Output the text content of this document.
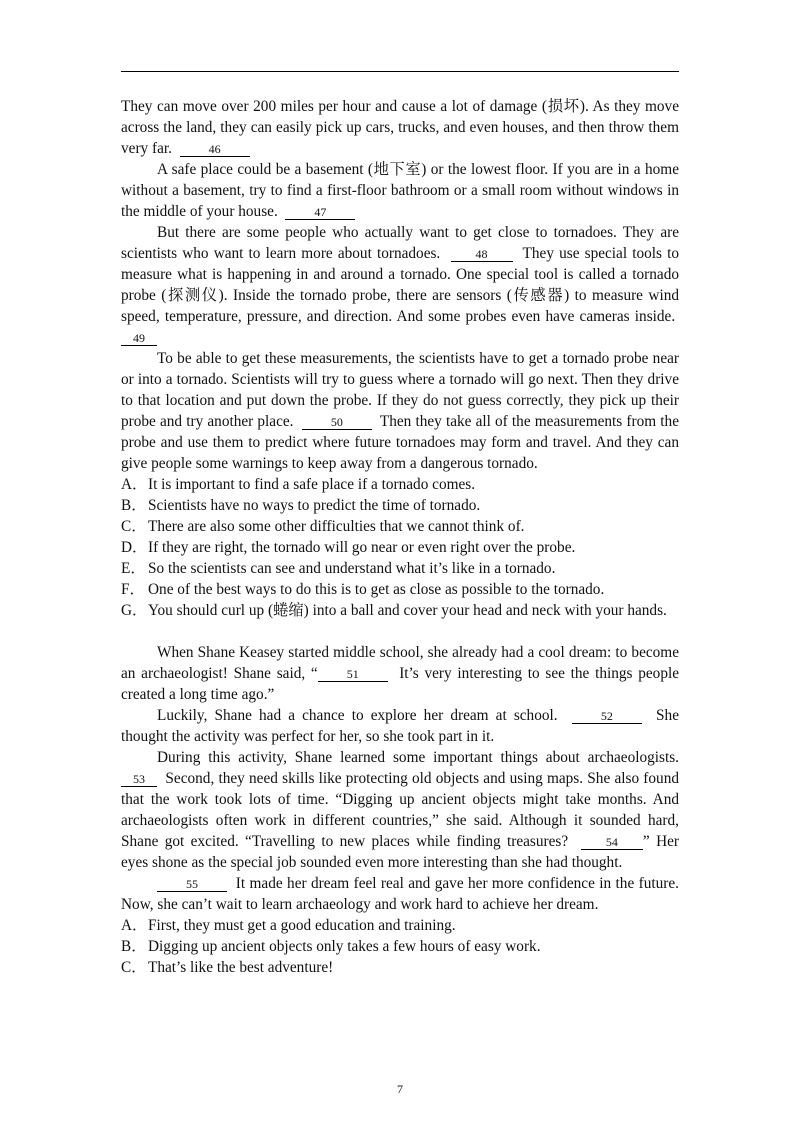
They can move over 200 miles per hour and cause a lot of damage (损坏). As they move across the land, they can easily pick up cars, trucks, and even houses, and then throw them very far.	46

A safe place could be a basement (地下室) or the lowest floor. If you are in a home without a basement, try to find a first-floor bathroom or a small room without windows in the middle of your house.	47

But there are some people who actually want to get close to tornadoes. They are scientists who want to learn more about tornadoes.	48 They use special tools to measure what is happening in and around a tornado. One special tool is called a tornado probe (探测仪). Inside the tornado probe, there are sensors (传感器) to measure wind speed, temperature, pressure, and direction. And some probes even have cameras inside.  49

To be able to get these measurements, the scientists have to get a tornado probe near or into a tornado. Scientists will try to guess where a tornado will go next. Then they drive to that location and put down the probe. If they do not guess correctly, they pick up their probe and try another place.	50 Then they take all of the measurements from the probe and use them to predict where future tornadoes may form and travel. And they can give people some warnings to keep away from a dangerous tornado.

A．It is important to find a safe place if a tornado comes.

B．Scientists have no ways to predict the time of tornado.

C．There are also some other difficulties that we cannot think of.

D．If they are right, the tornado will go near or even right over the probe.

E． So the scientists can see and understand what it’s like in a tornado.

F． One of the best ways to do this is to get as close as possible to the tornado.

G．You should curl up (蜷缩) into a ball and cover your head and neck with your hands.

When Shane Keasey started middle school, she already had a cool dream: to become an archaeologist! Shane said, “ 51	It’s very interesting to see the things people created a long time ago.”

Luckily, Shane had a chance to explore her dream at school.	52	She thought the activity was perfect for her, so she took part in it.

During this activity, Shane learned some important things about archaeologists. 53 Second, they need skills like protecting old objects and using maps. She also found that the work took lots of time. “Digging up ancient objects might take months. And archaeologists often work in different countries,” she said. Although it sounded hard, Shane got excited. “Travelling to new places while finding treasures?	54 ” Her eyes shone as the special job sounded even more interesting than she had thought.

55 It made her dream feel real and gave her more confidence in the future. Now, she can’t wait to learn archaeology and work hard to achieve her dream.

A．First, they must get a good education and training.

B．Digging up ancient objects only takes a few hours of easy work.

C．That’s like the best adventure!

7
